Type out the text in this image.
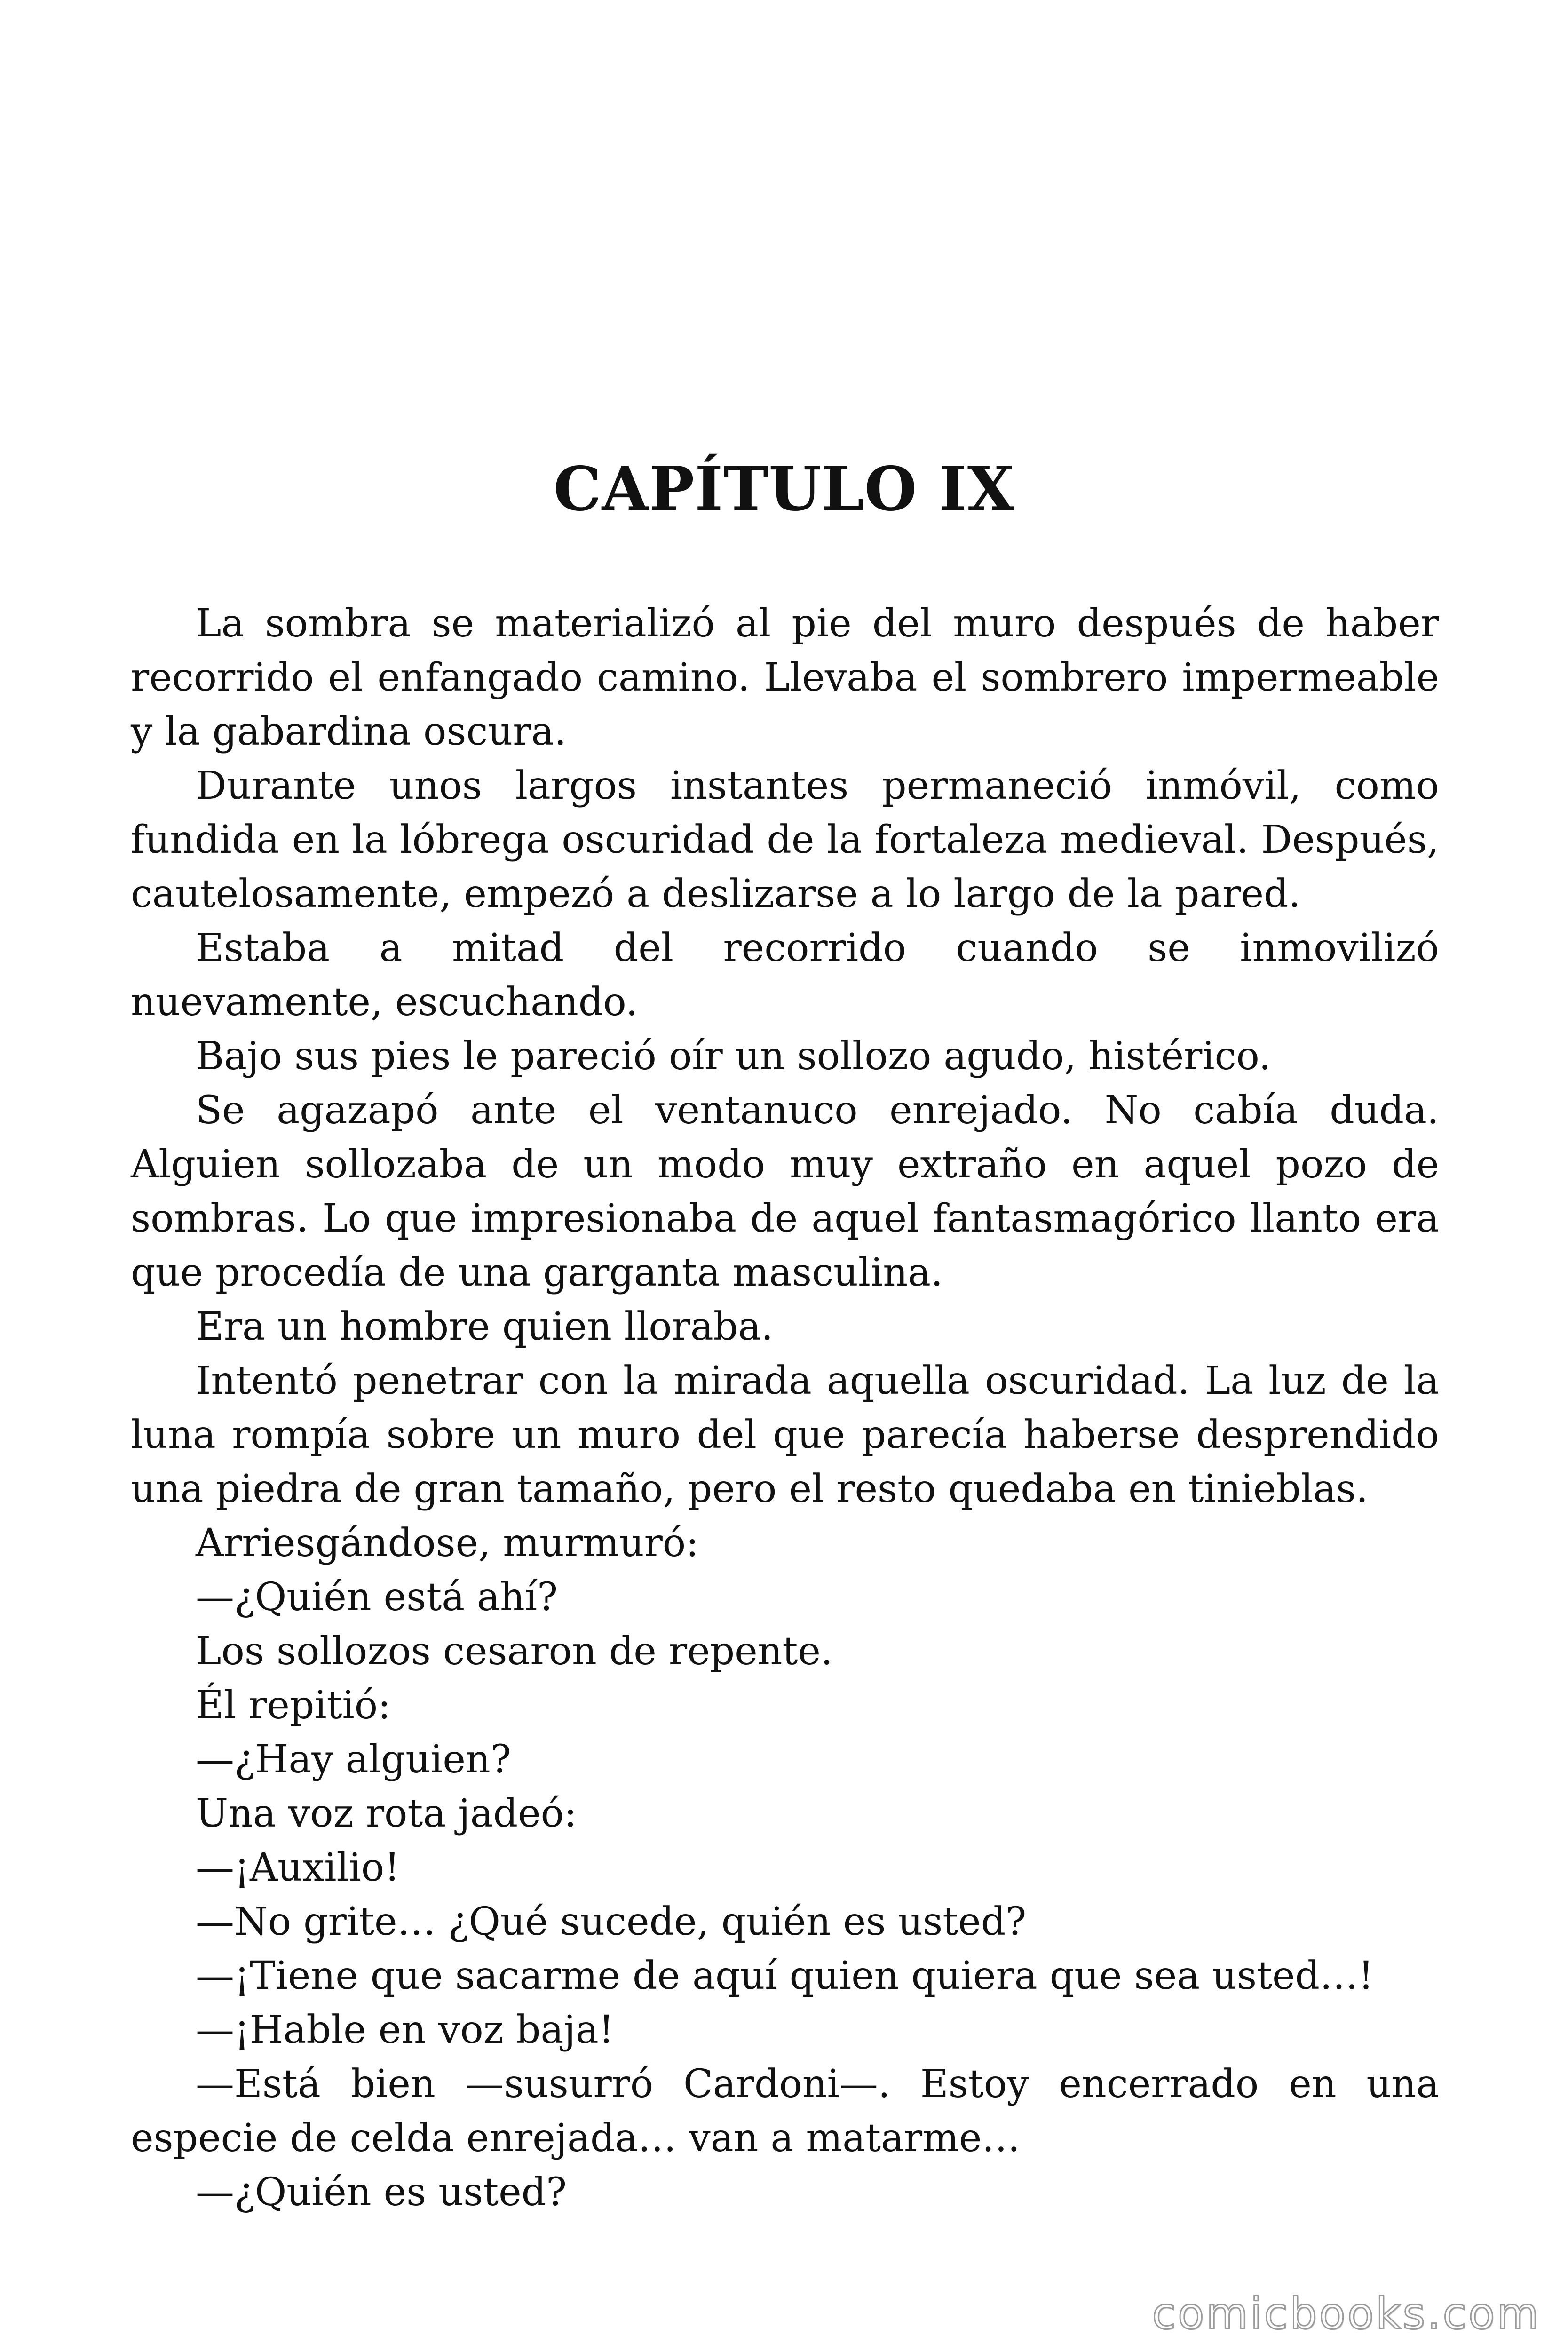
CAPÍTULO IX

La sombra se materializó al pie del muro después de haber recorrido el enfangado camino. Llevaba el sombrero impermeable y la gabardina oscura.

Durante unos largos instantes permaneció inmóvil, como fundida en la lóbrega oscuridad de la fortaleza medieval. Después, cautelosamente, empezó a deslizarse a lo largo de la pared.

Estaba a mitad del recorrido cuando se inmovilizó nuevamente, escuchando.

Bajo sus pies le pareció oír un sollozo agudo, histérico.

Se agazapó ante el ventanuco enrejado. No cabía duda. Alguien sollozaba de un modo muy extraño en aquel pozo de sombras. Lo que impresionaba de aquel fantasmagórico llanto era que procedía de una garganta masculina.

Era un hombre quien lloraba.

Intentó penetrar con la mirada aquella oscuridad. La luz de la luna rompía sobre un muro del que parecía haberse desprendido una piedra de gran tamaño, pero el resto quedaba en tinieblas.

Arriesgándose, murmuró:

—¿Quién está ahí?

Los sollozos cesaron de repente.

Él repitió:

—¿Hay alguien?

Una voz rota jadeó:

—¡Auxilio!

—No grite… ¿Qué sucede, quién es usted?

—¡Tiene que sacarme de aquí quien quiera que sea usted…!

—¡Hable en voz baja!

—Está bien —susurró Cardoni—. Estoy encerrado en una especie de celda enrejada… van a matarme…

—¿Quién es usted?

comicbooks.com
